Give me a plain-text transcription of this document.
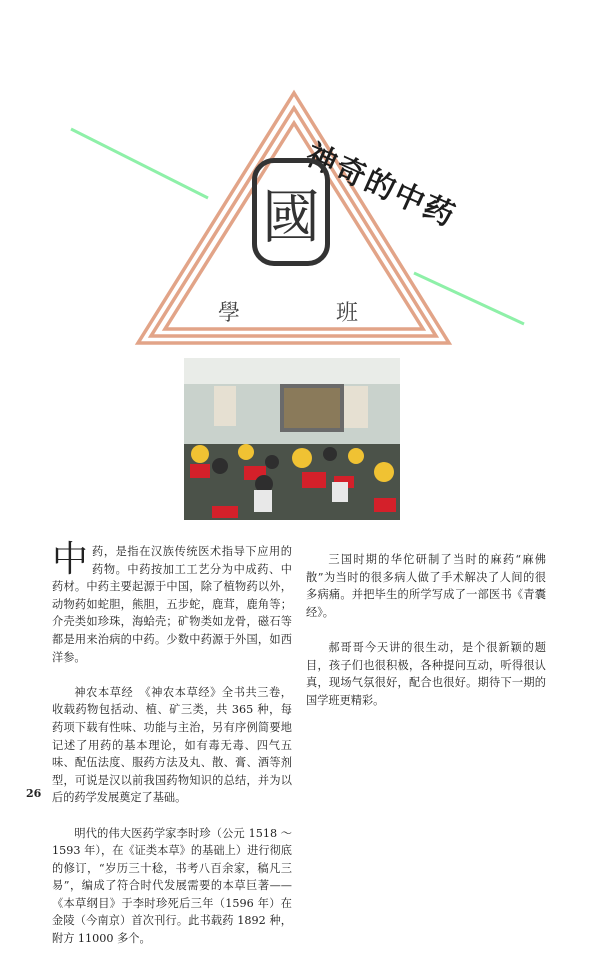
神奇的中药
國
學	班

中药，是指在汉族传统医术指导下应用的药物。中药按加工工艺分为中成药、中药材。中药主要起源于中国，除了植物药以外，动物药如蛇胆，熊胆，五步蛇，鹿茸，鹿角等；介壳类如珍珠，海蛤壳；矿物类如龙骨，磁石等都是用来治病的中药。少数中药源于外国，如西洋参。

神农本草经　《神农本草经》全书共三卷，收载药物包括动、植、矿三类，共 365 种，每药项下载有性味、功能与主治，另有序例简要地记述了用药的基本理论，如有毒无毒、四气五味、配伍法度、服药方法及丸、散、膏、酒等剂型，可说是汉以前我国药物知识的总结，并为以后的药学发展奠定了基础。

明代的伟大医药学家李时珍（公元 1518 ～ 1593 年），在《证类本草》的基础上）进行彻底的修订，“岁历三十稔，书考八百余家，稿凡三易”，编成了符合时代发展需要的本草巨著——《本草纲目》于李时珍死后三年（1596 年）在金陵（今南京）首次刊行。此书载药 1892 种，附方 11000 多个。

三国时期的华佗研制了当时的麻药“麻佛散”为当时的很多病人做了手术解决了人间的很多病痛。并把毕生的所学写成了一部医书《青囊经》。

郝哥哥今天讲的很生动，是个很新颖的题目，孩子们也很积极，各种提问互动，听得很认真，现场气氛很好，配合也很好。期待下一期的国学班更精彩。

26
